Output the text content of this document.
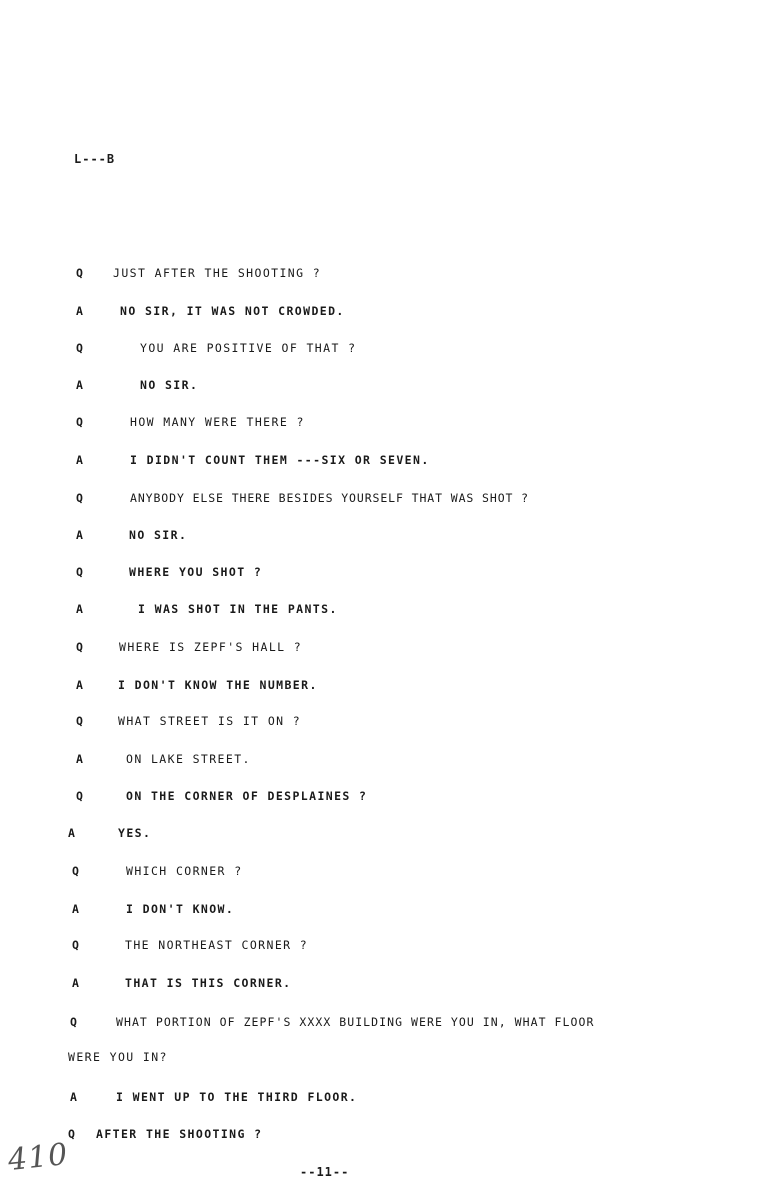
L---B
Q JUST AFTER THE SHOOTING ?
A	NO SIR, IT WAS NOT CROWDED.
Q	YOU ARE POSITIVE OF THAT ?
A	NO SIR.
Q	HOW MANY WERE THERE ?
A	I DIDN'T COUNT THEM ---SIX OR SEVEN.
Q	ANYBODY ELSE THERE BESIDES YOURSELF THAT WAS SHOT ?
A	NO SIR.
Q	WHERE YOU SHOT ?
A	I WAS SHOT IN THE PANTS.
Q	WHERE IS ZEPF'S HALL ?
A	I DON'T KNOW THE NUMBER.
Q	WHAT STREET IS IT ON ?
A	ON LAKE STREET.
Q	ON THE CORNER OF DESPLAINES ?
A	YES.
Q	WHICH CORNER ?
A	I DON'T KNOW.
Q	THE NORTHEAST CORNER ?
A	THAT IS THIS CORNER.
Q	WHAT PORTION OF ZEPF'S XXXX BUILDING WERE YOU IN, WHAT FLOOR
WERE YOU IN?
A	I WENT UP TO THE THIRD FLOOR.
Q AFTER THE SHOOTING ?
410	--11--
